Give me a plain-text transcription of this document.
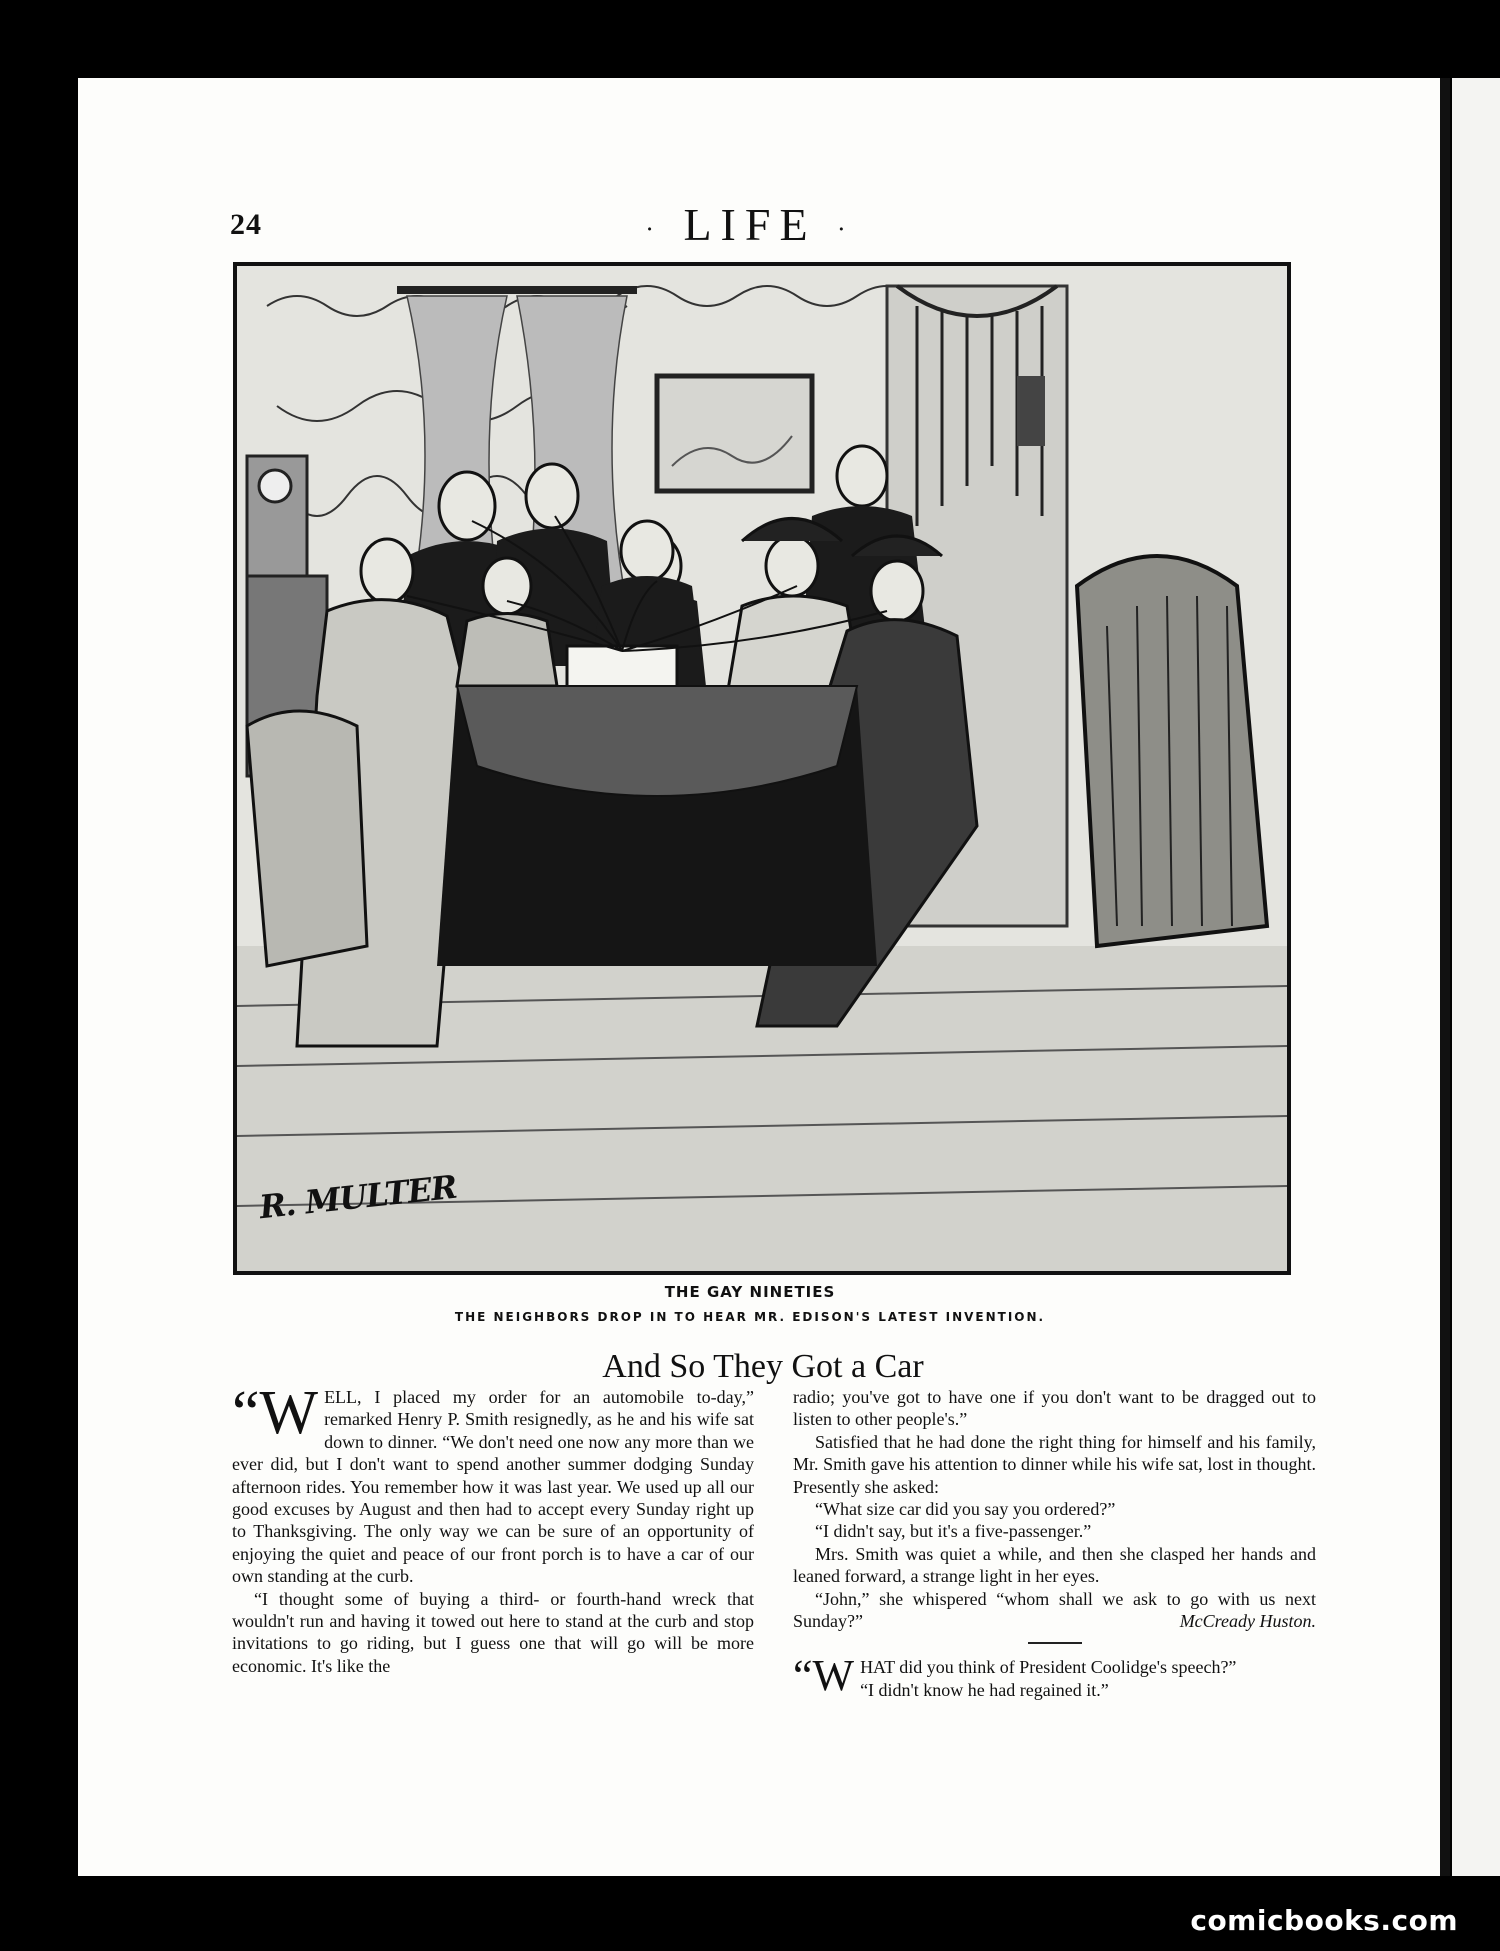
24	· LIFE ·
R. MULTER
THE GAY NINETIES
THE NEIGHBORS DROP IN TO HEAR MR. EDISON'S LATEST INVENTION.
And So They Got a Car

“W ELL, I placed my order for an automobile to-day,” remarked Henry P. Smith resignedly, as he and his wife sat down to dinner. “We don't need one now any more than we ever did, but I don't want to spend another summer dodging Sunday afternoon rides. You remember how it was last year. We used up all our good excuses by August and then had to accept every Sunday right up to Thanksgiving. The only way we can be sure of an opportunity of enjoying the quiet and peace of our front porch is to have a car of our own standing at the curb.

“I thought some of buying a third- or fourth-hand wreck that wouldn't run and having it towed out here to stand at the curb and stop invitations to go riding, but I guess one that will go will be more economic. It's like the

radio; you've got to have one if you don't want to be dragged out to listen to other people's.”

Satisfied that he had done the right thing for himself and his family, Mr. Smith gave his attention to dinner while his wife sat, lost in thought. Presently she asked:

“What size car did you say you ordered?”

“I didn't say, but it's a five-passenger.”

Mrs. Smith was quiet a while, and then she clasped her hands and leaned forward, a strange light in her eyes.

“John,” she whispered “whom shall we ask to go with us next Sunday?”	McCready Huston.

“W HAT did you think of President Coolidge's speech?”
“I didn't know he had regained it.”

comicbooks.com
